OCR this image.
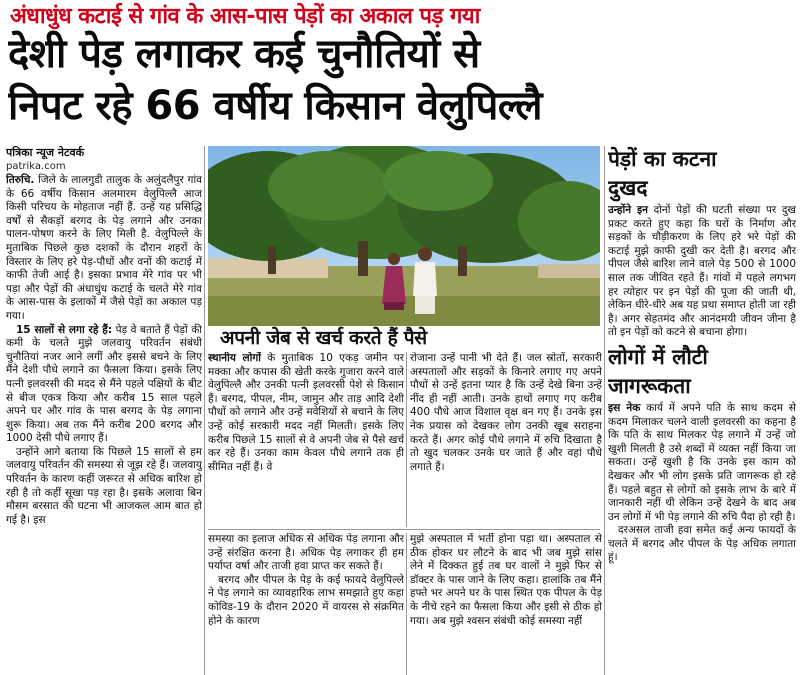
अंधाधुंध कटाई से गांव के आस-पास पेड़ों का अकाल पड़ गया
देशी पेड़ लगाकर कई चुनौतियों से
निपट रहे 66 वर्षीय किसान वेलुपिल्लै
पत्रिका न्यूज नेटवर्क
patrika.com

तिरुचि. जिले के लालगुडी तालुक के अलुंदलैपुर गांव के 66 वर्षीय किसान अलमारम वेलुपिल्लै आज किसी परिचय के मोहताज नहीं हैं. उन्हें यह प्रसिद्धि वर्षों से सैकड़ों बरगद के पेड़ लगाने और उनका पालन-पोषण करने के लिए मिली है. वेलुपिल्ले के मुताबिक पिछले कुछ दशकों के दौरान शहरों के विस्तार के लिए हरे पेड़-पौधों और वनों की कटाई में काफी तेजी आई है। इसका प्रभाव मेरे गांव पर भी पड़ा और पेड़ों की अंधाधुंध कटाई के चलते मेरे गांव के आस-पास के इलाकों में जैसे पेड़ों का अकाल पड़ गया।

15 सालों से लगा रहे हैं: पेड़ वे बताते हैं पेड़ों की कमी के चलते मुझे जलवायु परिवर्तन संबंधी चुनौतियां नजर आने लगीं और इससे बचने के लिए मैंने देशी पौधे लगाने का फैसला किया। इसके लिए पत्नी इलवरसी की मदद से मैंने पहले पक्षियों के बीट से बीज एकत्र किया और करीब 15 साल पहले अपने घर और गांव के पास बरगद के पेड़ लगाना शुरू किया। अब तक मैंने करीब 200 बरगद और 1000 देसी पौधे लगाए हैं।

उन्होंने आगे बताया कि पिछले 15 सालों से हम जलवायु परिवर्तन की समस्या से जूझ रहे हैं। जलवायु परिवर्तन के कारण कहीं जरूरत से अधिक बारिश हो रही है तो कहीं सूखा पड़ रहा है। इसके अलावा बिन मौसम बरसात की घटना भी आजकल आम बात हो गई है। इस

अपनी जेब से खर्च करते हैं पैसे

स्थानीय लोगों के मुताबिक 10 एकड़ जमीन पर मक्का और कपास की खेती करके गुजारा करने वाले वेलुपिल्लै और उनकी पत्नी इलवरसी पेशे से किसान हैं। बरगद, पीपल, नीम, जामुन और ताड़ आदि देशी पौधों को लगाने और उन्हें मवेशियों से बचाने के लिए उन्हें कोई सरकारी मदद नहीं मिलती। इसके लिए करीब पिछले 15 सालों से वे अपनी जेब से पैसे खर्च कर रहे हैं। उनका काम केवल पौधे लगाने तक ही सीमित नहीं हैं। वे

रोजाना उन्हें पानी भी देते हैं। जल स्रोतों, सरकारी अस्पतालों और सड़कों के किनारे लगाए गए अपने पौधों से उन्हें इतना प्यार है कि उन्हें देखे बिना उन्हें नींद ही नहीं आती। उनके हाथों लगाए गए करीब 400 पौधे आज विशाल वृक्ष बन गए हैं। उनके इस नेक प्रयास को देखकर लोग उनकी खूब सराहना करते हैं। अगर कोई पौधे लगाने में रुचि दिखाता है तो खुद चलकर उनके घर जाते हैं और वहां पौधे लगाते हैं।

समस्या का इलाज अधिक से अधिक पेड़ लगाना और उन्हें संरक्षित करना है। अधिक पेड़ लगाकर ही हम पर्याप्त वर्षा और ताजी हवा प्राप्त कर सकते हैं।

बरगद और पीपल के पेड़ के कई फायदे वेलुपिल्ले ने पेड़ लगाने का व्यावहारिक लाभ समझाते हुए कहा कोविड-19 के दौरान 2020 में वायरस से संक्रमित होने के कारण

मुझे अस्पताल में भर्ती होना पड़ा था। अस्पताल से ठीक होकर घर लौटने के बाद भी जब मुझे सांस लेने में दिक्कत हुई तब घर वालों ने मुझे फिर से डॉक्टर के पास जाने के लिए कहा। हालांकि तब मैंने हफ्ते भर अपने घर के पास स्थित एक पीपल के पेड़ के नीचे रहने का फैसला किया और इसी से ठीक हो गया। अब मुझे श्वसन संबंधी कोई समस्या नहीं

पेड़ों का कटना
दुखद

उन्होंने इन दोनों पेड़ों की घटती संख्या पर दुख प्रकट करते हुए कहा कि घरों के निर्माण और सड़कों के चौड़ीकरण के लिए हरे भरे पेड़ों की कटाई मुझे काफी दुखी कर देती है। बरगद और पीपल जैसे बारिश लाने वाले पेड़ 500 से 1000 साल तक जीवित रहते हैं। गांवों में पहले लगभग हर त्योहार पर इन पेड़ों की पूजा की जाती थी, लेकिन धीरे-धीरे अब यह प्रथा समाप्त होती जा रही है। अगर सेहतमंद और आनंदमयी जीवन जीना है तो इन पेड़ों को कटने से बचाना होगा।

लोगों में लौटी
जागरूकता

इस नेक कार्य में अपने पति के साथ कदम से कदम मिलाकर चलने वाली इलवरसी का कहना है कि पति के साथ मिलकर पेड़ लगाने में उन्हें जो खुशी मिलती है उसे शब्दों में व्यक्त नहीं किया जा सकता। उन्हें खुशी है कि उनके इस काम को देखकर और भी लोग इसके प्रति जागरूक हो रहे हैं। पहले बहुत से लोगों को इसके लाभ के बारे में जानकारी नहीं थी लेकिन उन्हें देखने के बाद अब उन लोगों में भी पेड़ लगाने की रुचि पैदा हो रही है।

दरअसल ताजी हवा समेत कई अन्य फायदों के चलते में बरगद और पीपल के पेड़ अधिक लगाता हूं।
